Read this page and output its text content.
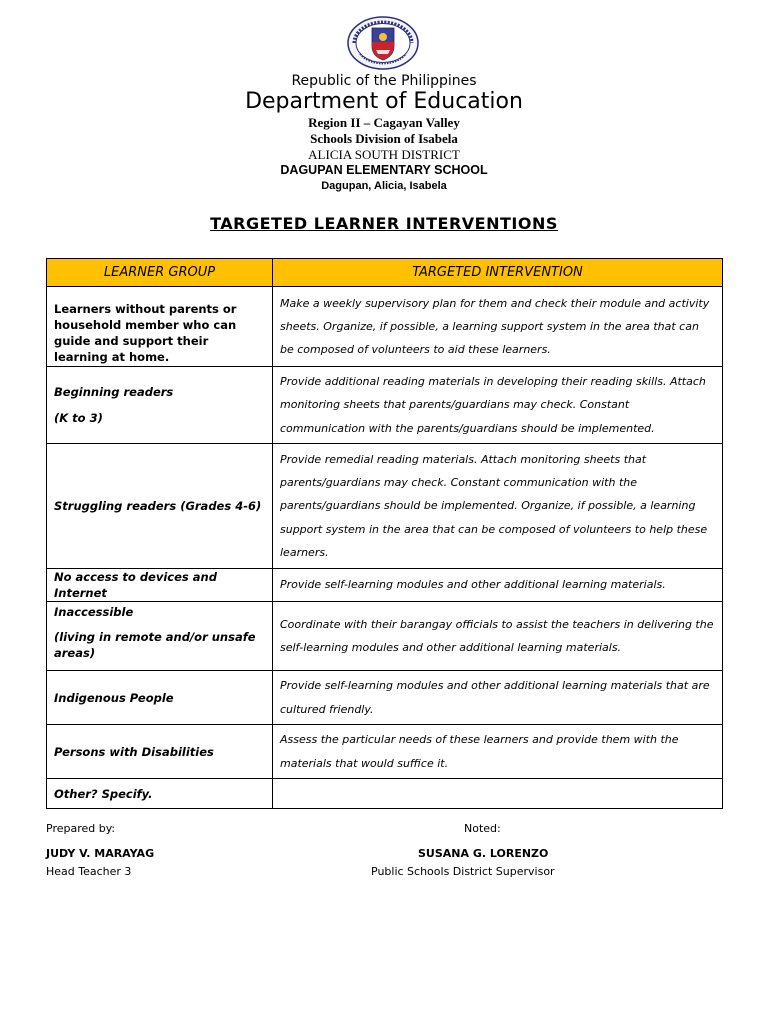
Republic of the Philippines
Department of Education
Region II – Cagayan Valley
Schools Division of Isabela
ALICIA SOUTH DISTRICT
DAGUPAN ELEMENTARY SCHOOL
Dagupan, Alicia, Isabela
TARGETED LEARNER INTERVENTIONS
LEARNER GROUP	TARGETED INTERVENTION

Learners without parents or household member who can guide and support their learning at home.	Make a weekly supervisory plan for them and check their module and activity sheets. Organize, if possible, a learning support system in the area that can be composed of volunteers to aid these learners.

Beginning readers

(K to 3)	Provide additional reading materials in developing their reading skills. Attach monitoring sheets that parents/guardians may check. Constant communication with the parents/guardians should be implemented.

Struggling readers (Grades 4-6)	Provide remedial reading materials. Attach monitoring sheets that parents/guardians may check. Constant communication with the parents/guardians should be implemented. Organize, if possible, a learning support system in the area that can be composed of volunteers to help these learners.

No access to devices and Internet	Provide self-learning modules and other additional learning materials.

Inaccessible

(living in remote and/or unsafe areas)	Coordinate with their barangay officials to assist the teachers in delivering the self-learning modules and other additional learning materials.

Indigenous People	Provide self-learning modules and other additional learning materials that are cultured friendly.

Persons with Disabilities	Assess the particular needs of these learners and provide them with the materials that would suffice it.

Other? Specify.	

Prepared by:
JUDY V. MARAYAG
Head Teacher 3
Noted:
SUSANA G. LORENZO
Public Schools District Supervisor
